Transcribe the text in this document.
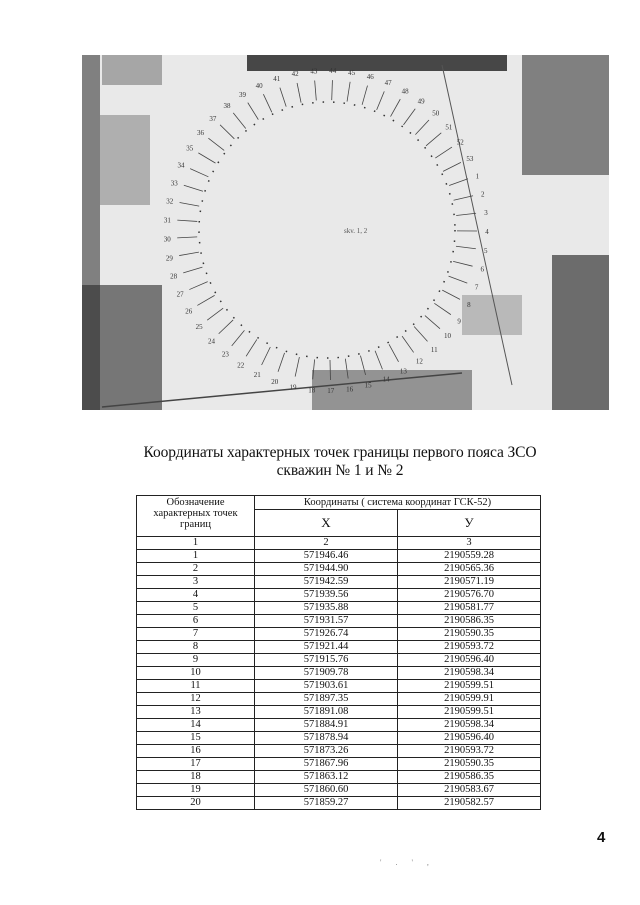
1
2
3
4
5
6
7
8
9
10
11
12
13
14
15
16
17
18
19
20
21
22
23
24
25
26
27
28
29
30
31
32
33
34
35
36
37
38
39
40
41
42 43 44 45
46
47
48
49
50
51
52
53
skv. 1, 2
Координаты характерных точек границы первого пояса ЗСО
скважин № 1 и № 2
Обозначение характерных точек границ	Координаты ( система координат ГСК-52)	
	X	У
1	2	3
1	571946.46	2190559.28
2	571944.90	2190565.36
3	571942.59	2190571.19
4	571939.56	2190576.70
5	571935.88	2190581.77
6	571931.57	2190586.35
7	571926.74	2190590.35
8	571921.44	2190593.72
9	571915.76	2190596.40
10	571909.78	2190598.34
11	571903.61	2190599.51
12	571897.35	2190599.91
13	571891.08	2190599.51
14	571884.91	2190598.34
15	571878.94	2190596.40
16	571873.26	2190593.72
17	571867.96	2190590.35
18	571863.12	2190586.35
19	571860.60	2190583.67
20	571859.27	2190582.57
4
' . ' ,
